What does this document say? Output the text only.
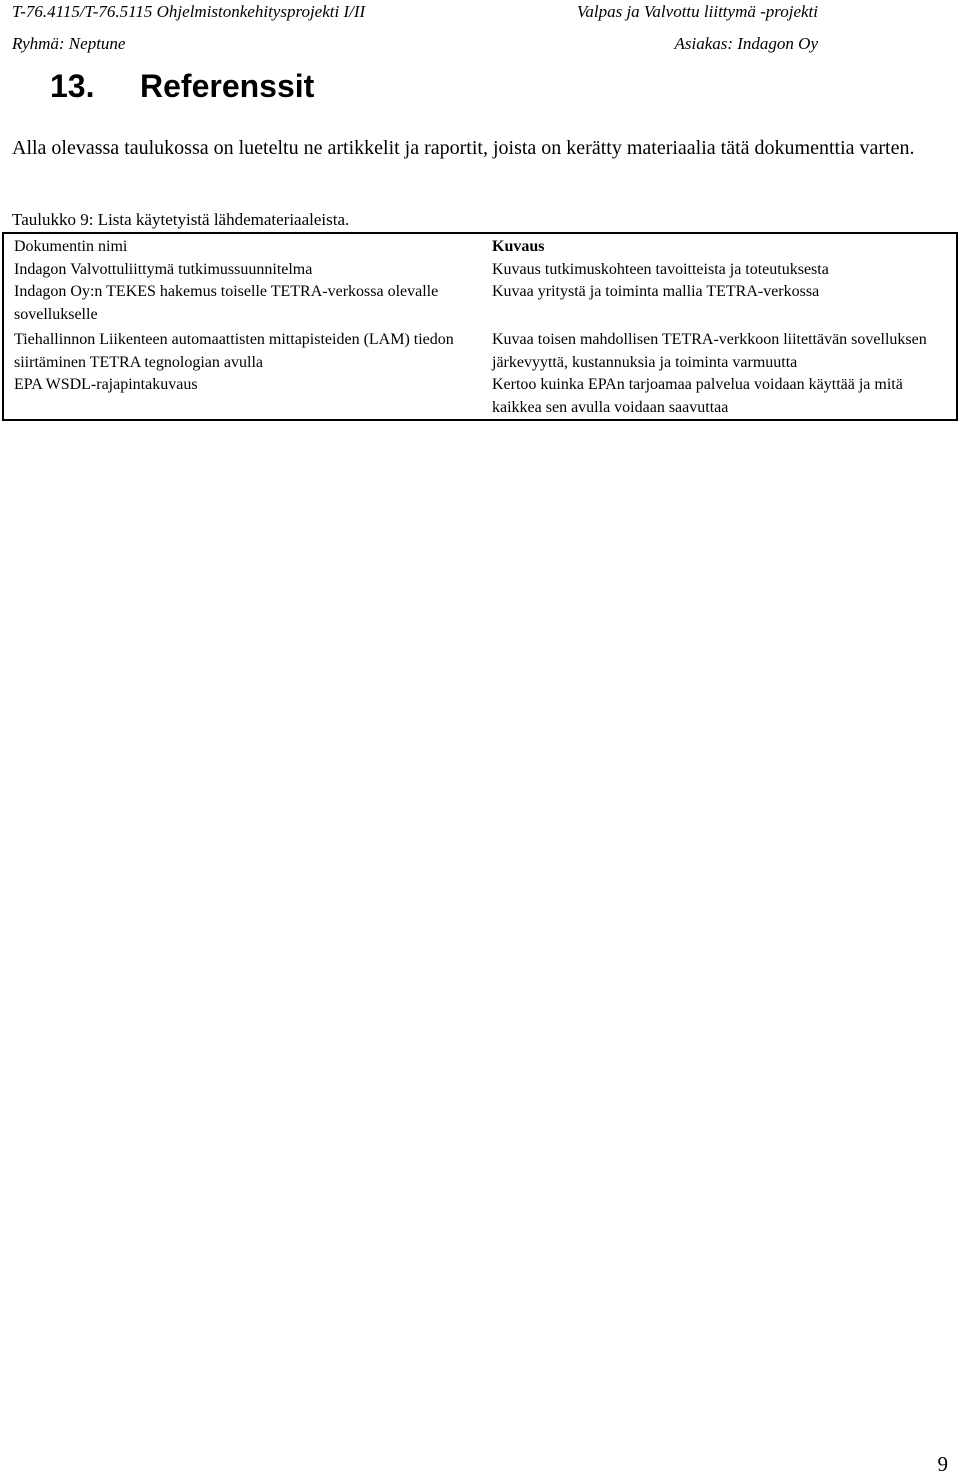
T-76.4115/T-76.5115 Ohjelmistonkehitysprojekti I/II	Valpas ja Valvottu liittymä -projekti
Ryhmä: Neptune	Asiakas: Indagon Oy
13. Referenssit

Alla olevassa taulukossa on lueteltu ne artikkelit ja raportit, joista on kerätty materiaalia tätä dokumenttia varten.

Taulukko 9: Lista käytetyistä lähdemateriaaleista.
Dokumentin nimi	Kuvaus
Indagon Valvottuliittymä tutkimussuunnitelma	Kuvaus tutkimuskohteen tavoitteista ja toteutuksesta
Indagon Oy:n TEKES hakemus toiselle TETRA-verkossa olevalle sovellukselle	Kuvaa yritystä ja toiminta mallia TETRA-verkossa
Tiehallinnon Liikenteen automaattisten mittapisteiden (LAM) tiedon siirtäminen TETRA tegnologian avulla	Kuvaa toisen mahdollisen TETRA-verkkoon liitettävän sovelluksen järkevyyttä, kustannuksia ja toiminta varmuutta
EPA WSDL-rajapintakuvaus	Kertoo kuinka EPAn tarjoamaa palvelua voidaan käyttää ja mitä kaikkea sen avulla voidaan saavuttaa
9
